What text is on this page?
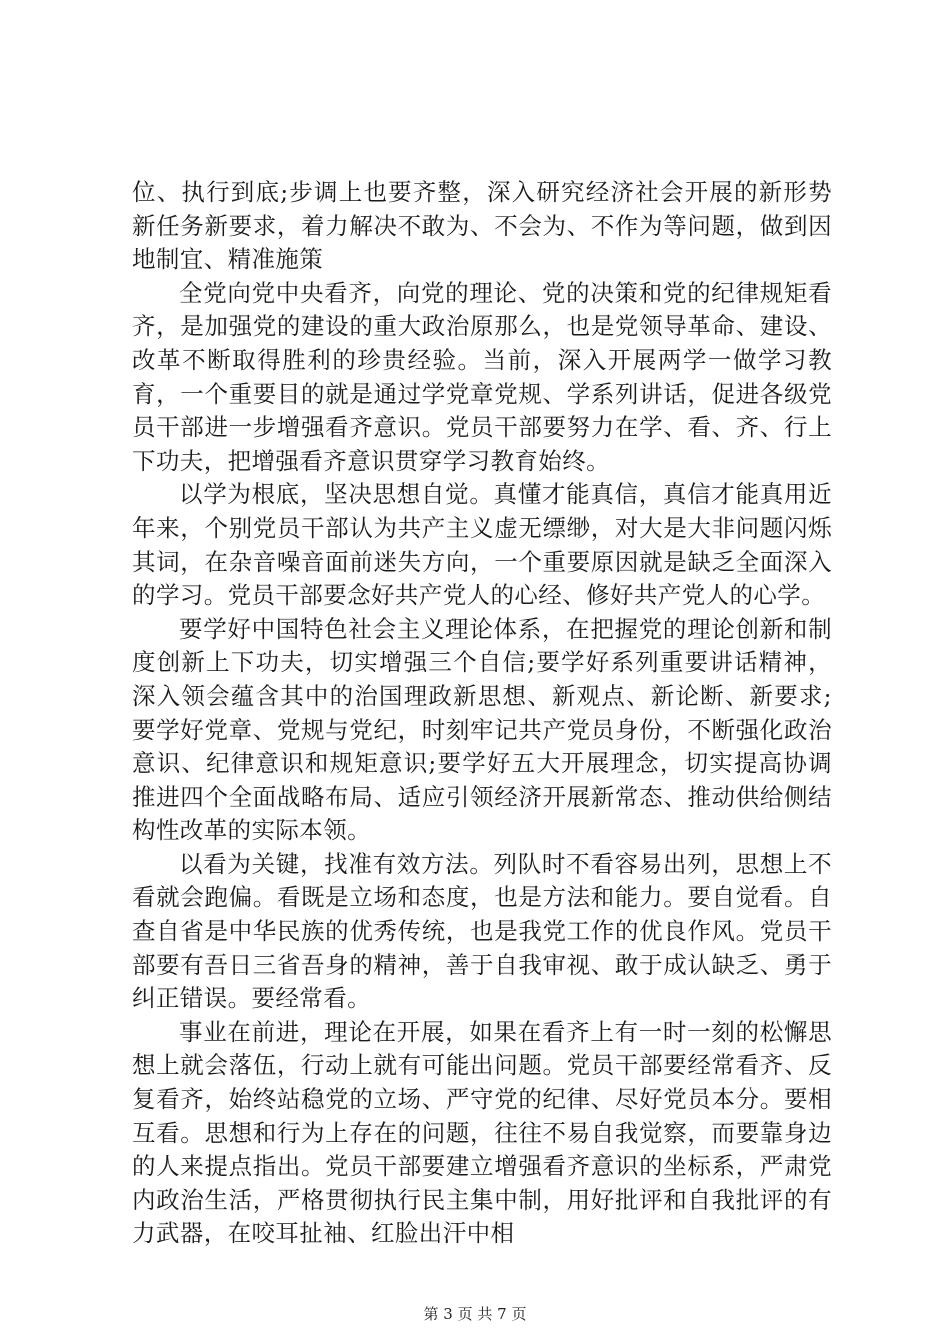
位、执行到底;步调上也要齐整，深入研究经济社会开展的新形势新任务新要求，着力解决不敢为、不会为、不作为等问题，做到因地制宜、精准施策

全党向党中央看齐，向党的理论、党的决策和党的纪律规矩看齐，是加强党的建设的重大政治原那么，也是党领导革命、建设、改革不断取得胜利的珍贵经验。当前，深入开展两学一做学习教育，一个重要目的就是通过学党章党规、学系列讲话，促进各级党员干部进一步增强看齐意识。党员干部要努力在学、看、齐、行上下功夫，把增强看齐意识贯穿学习教育始终。

以学为根底，坚决思想自觉。真懂才能真信，真信才能真用近年来，个别党员干部认为共产主义虚无缥缈，对大是大非问题闪烁其词，在杂音噪音面前迷失方向，一个重要原因就是缺乏全面深入的学习。党员干部要念好共产党人的心经、修好共产党人的心学。

要学好中国特色社会主义理论体系，在把握党的理论创新和制度创新上下功夫，切实增强三个自信;要学好系列重要讲话精神，深入领会蕴含其中的治国理政新思想、新观点、新论断、新要求;要学好党章、党规与党纪，时刻牢记共产党员身份，不断强化政治意识、纪律意识和规矩意识;要学好五大开展理念，切实提高协调推进四个全面战略布局、适应引领经济开展新常态、推动供给侧结构性改革的实际本领。

以看为关键，找准有效方法。列队时不看容易出列，思想上不看就会跑偏。看既是立场和态度，也是方法和能力。要自觉看。自查自省是中华民族的优秀传统，也是我党工作的优良作风。党员干部要有吾日三省吾身的精神，善于自我审视、敢于成认缺乏、勇于纠正错误。要经常看。

事业在前进，理论在开展，如果在看齐上有一时一刻的松懈思想上就会落伍，行动上就有可能出问题。党员干部要经常看齐、反复看齐，始终站稳党的立场、严守党的纪律、尽好党员本分。要相互看。思想和行为上存在的问题，往往不易自我觉察，而要靠身边的人来提点指出。党员干部要建立增强看齐意识的坐标系，严肃党内政治生活，严格贯彻执行民主集中制，用好批评和自我批评的有力武器，在咬耳扯袖、红脸出汗中相

第 3 页 共 7 页
